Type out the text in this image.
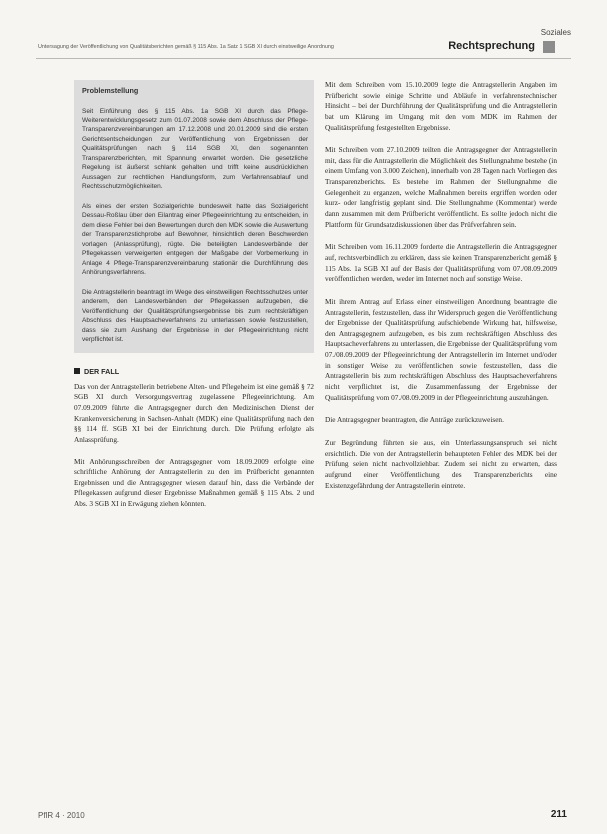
Soziales
Untersagung der Veröffentlichung von Qualitätsberichten gemäß § 115 Abs. 1a Satz 1 SGB XI durch einstweilige Anordnung	Rechtsprechung
Problemstellung

Seit Einführung des § 115 Abs. 1a SGB XI durch das Pflege-Weiterentwicklungsgesetz zum 01.07.2008 sowie dem Abschluss der Pflege-Transparenzvereinbarungen am 17.12.2008 und 20.01.2009 sind die ersten Gerichtsentscheidungen zur Veröffentlichung von Ergebnissen der Qualitätsprüfungen nach § 114 SGB XI, den sogenannten Transparenzberichten, mit Spannung erwartet worden. Die gesetzliche Regelung ist äußerst schlank gehalten und trifft keine ausdrücklichen Aussagen zur rechtlichen Handlungsform, zum Verfahrensablauf und Rechtsschutzmöglichkeiten.

Als eines der ersten Sozialgerichte bundesweit hatte das Sozialgericht Dessau-Roßlau über den Eilantrag einer Pflegeeinrichtung zu entscheiden, in dem diese Fehler bei den Bewertungen durch den MDK sowie die Auswertung der Transparenzstichprobe auf Bewohner, hinsichtlich deren Beschwerden vorlagen (Anlassprüfung), rügte. Die beteiligten Landesverbände der Pflegekassen verweigerten entgegen der Maßgabe der Vorbemerkung in Anlage 4 Pflege-Transparenzvereinbarung stationär die Durchführung des Anhörungsverfahrens.

Die Antragstellerin beantragt im Wege des einstweiligen Rechtsschutzes unter anderem, den Landesverbänden der Pflegekassen aufzugeben, die Veröffentlichung der Qualitätsprüfungsergebnisse bis zum rechtskräftigen Abschluss des Hauptsacheverfahrens zu unterlassen sowie festzustellen, dass sie zum Aushang der Ergebnisse in der Pflegeeinrichtung nicht verpflichtet ist.

DER FALL

Das von der Antragstellerin betriebene Alten- und Pflegeheim ist eine gemäß § 72 SGB XI durch Versorgungsvertrag zugelassene Pflegeeinrichtung. Am 07.09.2009 führte die Antragsgegner durch den Medizinischen Dienst der Krankenversicherung in Sachsen-Anhalt (MDK) eine Qualitätsprüfung nach den §§ 114 ff. SGB XI bei der Einrichtung durch. Die Prüfung erfolgte als Anlassprüfung.

Mit Anhörungsschreiben der Antragsgegner vom 18.09.2009 erfolgte eine schriftliche Anhörung der Antragstellerin zu den im Prüfbericht genannten Ergebnissen und die Antragsgegner wiesen darauf hin, dass die Verbände der Pflegekassen aufgrund dieser Ergebnisse Maßnahmen gemäß § 115 Abs. 2 und Abs. 3 SGB XI in Erwägung ziehen könnten.

Mit dem Schreiben vom 15.10.2009 legte die Antragstellerin Angaben im Prüfbericht sowie einige Schritte und Abläufe in verfahrenstechnischer Hinsicht – bei der Durchführung der Qualitätsprüfung und die Antragstellerin bat um Klärung im Umgang mit den vom MDK im Rahmen der Qualitätsprüfung festgestellten Ergebnisse.

Mit Schreiben vom 27.10.2009 teilten die Antragsgegner der Antragstellerin mit, dass für die Antragstellerin die Möglichkeit des Stellungnahme bestehe (in einem Umfang von 3.000 Zeichen), innerhalb von 28 Tagen nach Vorliegen des Transparenzberichts. Es bestehe im Rahmen der Stellungnahme die Gelegenheit zu erganzen, welche Maßnahmen bereits ergriffen worden oder kurz- oder langfristig geplant sind. Die Stellungnahme (Kommentar) werde dann zusammen mit dem Prüfbericht veröffentlicht. Es sollte jedoch nicht die Plattform für Grundsatzdiskussionen über das Prüfverfahren sein.

Mit Schreiben vom 16.11.2009 forderte die Antragstellerin die Antragsgegner auf, rechtsverbindlich zu erklären, dass sie keinen Transparenzbericht gemäß § 115 Abs. 1a SGB XI auf der Basis der Qualitätsprüfung vom 07./08.09.2009 veröffentlichen werden, weder im Internet noch auf sonstige Weise.

Mit ihrem Antrag auf Erlass einer einstweiligen Anordnung beantragte die Antragstellerin, festzustellen, dass ihr Widerspruch gegen die Veröffentlichung der Ergebnisse der Qualitätsprüfung aufschiebende Wirkung hat, hilfsweise, den Antragsgegnern aufzugeben, es bis zum rechtskräftigen Abschluss des Hauptsacheverfahrens zu unterlassen, die Ergebnisse der Qualitätsprüfung vom 07./08.09.2009 der Pflegeeinrichtung der Antragstellerin im Internet und/oder in sonstiger Weise zu veröffentlichen sowie festzustellen, dass die Antragstellerin bis zum rechtskräftigen Abschluss des Hauptsacheverfahrens nicht verpflichtet ist, die Zusammenfassung der Ergebnisse der Qualitätsprüfung vom 07./08.09.2009 in der Pflegeeinrichtung auszuhängen.

Die Antragsgegner beantragten, die Anträge zurückzuweisen.

Zur Begründung führten sie aus, ein Unterlassungsanspruch sei nicht ersichtlich. Die von der Antragstellerin behaupteten Fehler des MDK bei der Prüfung seien nicht nachvollziehbar. Zudem sei nicht zu erwarten, dass aufgrund einer Veröffentlichung des Transparenzberichts eine Existenzgefährdung der Antragstellerin eintrete.

PflR 4 · 2010	211
